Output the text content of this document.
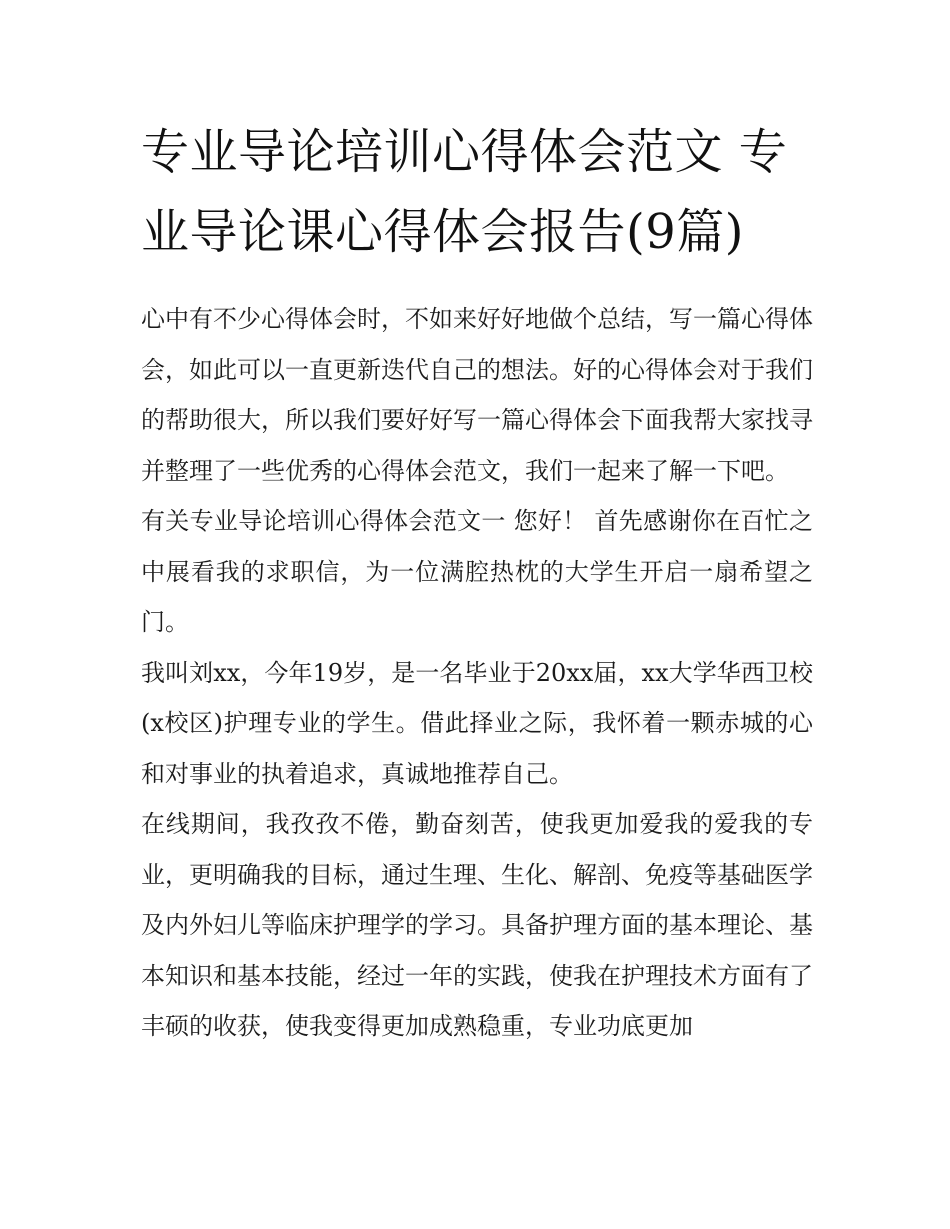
专业导论培训心得体会范文 专业导论课心得体会报告(9篇)

心中有不少心得体会时，不如来好好地做个总结，写一篇心得体会，如此可以一直更新迭代自己的想法。好的心得体会对于我们的帮助很大，所以我们要好好写一篇心得体会下面我帮大家找寻并整理了一些优秀的心得体会范文，我们一起来了解一下吧。

有关专业导论培训心得体会范文一 您好！ 首先感谢你在百忙之中展看我的求职信，为一位满腔热枕的大学生开启一扇希望之门。

我叫刘xx，今年19岁，是一名毕业于20xx届，xx大学华西卫校(x校区)护理专业的学生。借此择业之际，我怀着一颗赤城的心和对事业的执着追求，真诚地推荐自己。

在线期间，我孜孜不倦，勤奋刻苦，使我更加爱我的爱我的专业，更明确我的目标，通过生理、生化、解剖、免疫等基础医学及内外妇儿等临床护理学的学习。具备护理方面的基本理论、基本知识和基本技能，经过一年的实践，使我在护理技术方面有了丰硕的收获，使我变得更加成熟稳重，专业功底更加
